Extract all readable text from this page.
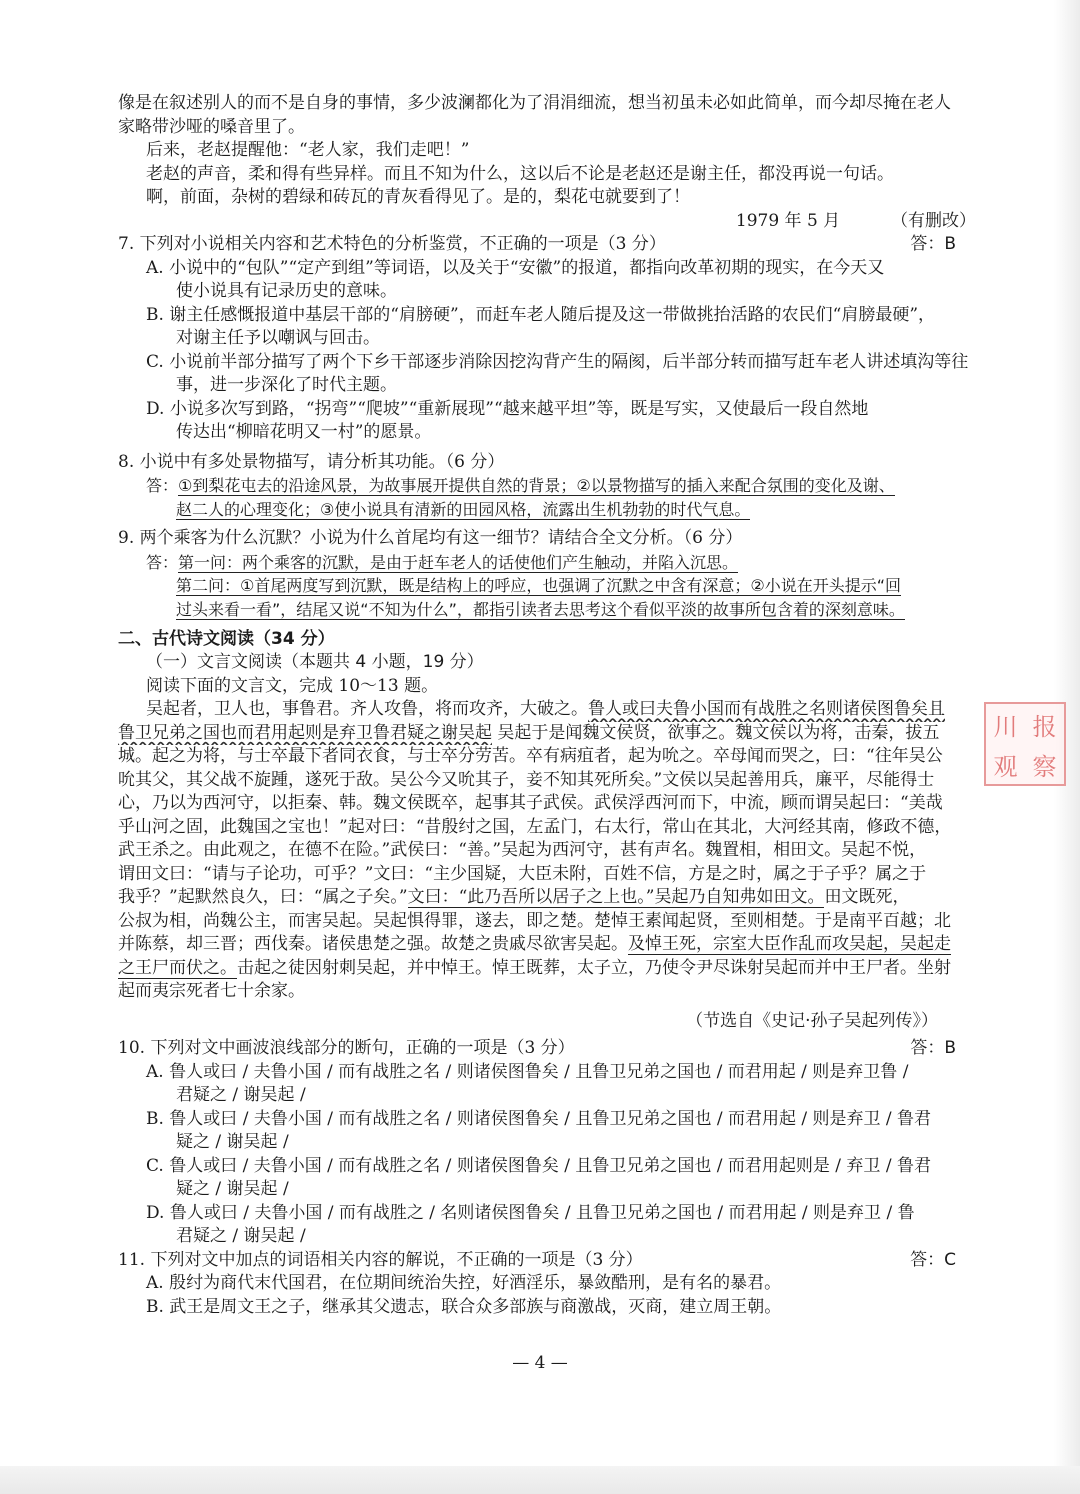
像是在叙述别人的而不是自身的事情，多少波澜都化为了涓涓细流，想当初虽未必如此简单，而今却尽掩在老人
家略带沙哑的嗓音里了。
后来，老赵提醒他：“老人家，我们走吧！”
老赵的声音，柔和得有些异样。而且不知为什么，这以后不论是老赵还是谢主任，都没再说一句话。
啊，前面，杂树的碧绿和砖瓦的青灰看得见了。是的，梨花屯就要到了！
1979 年 5 月	（有删改）
7. 下列对小说相关内容和艺术特色的分析鉴赏，不正确的一项是（3 分）	答：B
A. 小说中的“包队”“定产到组”等词语，以及关于“安徽”的报道，都指向改革初期的现实，在今天又
使小说具有记录历史的意味。
B. 谢主任感慨报道中基层干部的“肩膀硬”，而赶车老人随后提及这一带做挑抬活路的农民们“肩膀最硬”，
对谢主任予以嘲讽与回击。
C. 小说前半部分描写了两个下乡干部逐步消除因挖沟背产生的隔阂，后半部分转而描写赶车老人讲述填沟等往
事，进一步深化了时代主题。
D. 小说多次写到路，“拐弯”“爬坡”“重新展现”“越来越平坦”等，既是写实，又使最后一段自然地
传达出“柳暗花明又一村”的愿景。
8. 小说中有多处景物描写，请分析其功能。（6 分）
答：①到梨花屯去的沿途风景，为故事展开提供自然的背景；②以景物描写的插入来配合氛围的变化及谢、
赵二人的心理变化；③使小说具有清新的田园风格，流露出生机勃勃的时代气息。
9. 两个乘客为什么沉默？小说为什么首尾均有这一细节？请结合全文分析。（6 分）
答：第一问：两个乘客的沉默，是由于赶车老人的话使他们产生触动，并陷入沉思。
第二问：①首尾两度写到沉默，既是结构上的呼应，也强调了沉默之中含有深意；②小说在开头提示“回
过头来看一看”，结尾又说“不知为什么”，都指引读者去思考这个看似平淡的故事所包含着的深刻意味。
二、古代诗文阅读（34 分）
（一）文言文阅读（本题共 4 小题，19 分）
阅读下面的文言文，完成 10～13 题。
吴起者，卫人也，事鲁君。齐人攻鲁，将而攻齐，大破之。鲁人或曰夫鲁小国而有战胜之名则诸侯图鲁矣且
鲁卫兄弟之国也而君用起则是弃卫鲁君疑之谢吴起 吴起于是闻魏文侯贤，欲事之。魏文侯以为将，击秦，拔五
城。起之为将，与士卒最下者同衣食，与士卒分劳苦。卒有病疽者，起为吮之。卒母闻而哭之，曰：“往年吴公
吮其父，其父战不旋踵，遂死于敌。吴公今又吮其子，妾不知其死所矣。”文侯以吴起善用兵，廉平，尽能得士
心，乃以为西河守，以拒秦、韩。魏文侯既卒，起事其子武侯。武侯浮西河而下，中流，顾而谓吴起曰：“美哉
乎山河之固，此魏国之宝也！”起对曰：“昔殷纣之国，左孟门，右太行，常山在其北，大河经其南，修政不德，
武王杀之。由此观之，在德不在险。”武侯曰：“善。”吴起为西河守，甚有声名。魏置相，相田文。吴起不悦，
谓田文曰：“请与子论功，可乎？”文曰：“主少国疑，大臣未附，百姓不信，方是之时，属之于子乎？属之于
我乎？”起默然良久，曰：“属之子矣。”文曰：“此乃吾所以居子之上也。”吴起乃自知弗如田文。田文既死，
公叔为相，尚魏公主，而害吴起。吴起惧得罪，遂去，即之楚。楚悼王素闻起贤，至则相楚。于是南平百越；北
并陈蔡，却三晋；西伐秦。诸侯患楚之强。故楚之贵戚尽欲害吴起。及悼王死，宗室大臣作乱而攻吴起，吴起走
之王尸而伏之。击起之徒因射刺吴起，并中悼王。悼王既葬，太子立，乃使令尹尽诛射吴起而并中王尸者。坐射
起而夷宗死者七十余家。
（节选自《史记·孙子吴起列传》）
10. 下列对文中画波浪线部分的断句，正确的一项是（3 分）	答：B
A. 鲁人或曰 / 夫鲁小国 / 而有战胜之名 / 则诸侯图鲁矣 / 且鲁卫兄弟之国也 / 而君用起 / 则是弃卫鲁 /
君疑之 / 谢吴起 /
B. 鲁人或曰 / 夫鲁小国 / 而有战胜之名 / 则诸侯图鲁矣 / 且鲁卫兄弟之国也 / 而君用起 / 则是弃卫 / 鲁君
疑之 / 谢吴起 /
C. 鲁人或曰 / 夫鲁小国 / 而有战胜之名 / 则诸侯图鲁矣 / 且鲁卫兄弟之国也 / 而君用起则是 / 弃卫 / 鲁君
疑之 / 谢吴起 /
D. 鲁人或曰 / 夫鲁小国 / 而有战胜之 / 名则诸侯图鲁矣 / 且鲁卫兄弟之国也 / 而君用起 / 则是弃卫 / 鲁
君疑之 / 谢吴起 /
11. 下列对文中加点的词语相关内容的解说，不正确的一项是（3 分）	答：C
A. 殷纣为商代末代国君，在位期间统治失控，好酒淫乐，暴敛酷刑，是有名的暴君。
B. 武王是周文王之子，继承其父遗志，联合众多部族与商激战，灭商，建立周王朝。
— 4 —
川 报
观 察
